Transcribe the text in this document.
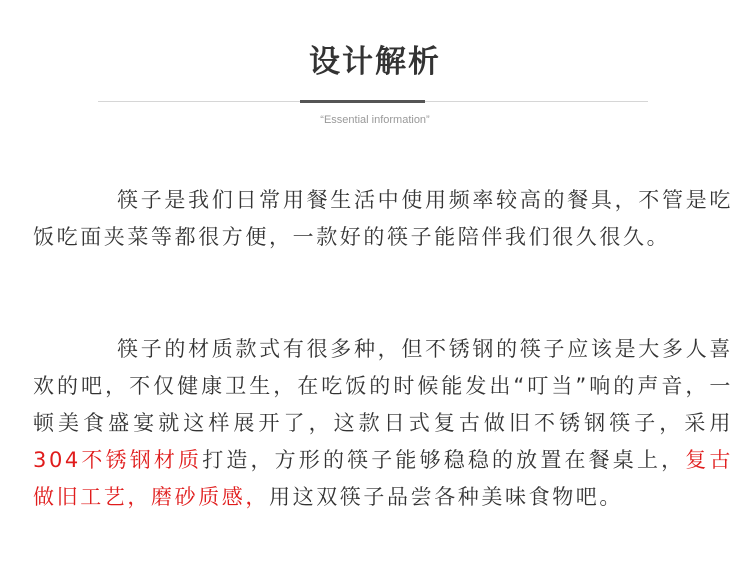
设计解析
“Essential information”

筷子是我们日常用餐生活中使用频率较高的餐具，不管是吃饭吃面夹菜等都很方便，一款好的筷子能陪伴我们很久很久。

筷子的材质款式有很多种，但不锈钢的筷子应该是大多人喜欢的吧，不仅健康卫生，在吃饭的时候能发出“叮当”响的声音，一顿美食盛宴就这样展开了，这款日式复古做旧不锈钢筷子，采用304不锈钢材质打造，方形的筷子能够稳稳的放置在餐桌上，复古做旧工艺，磨砂质感，用这双筷子品尝各种美味食物吧。
